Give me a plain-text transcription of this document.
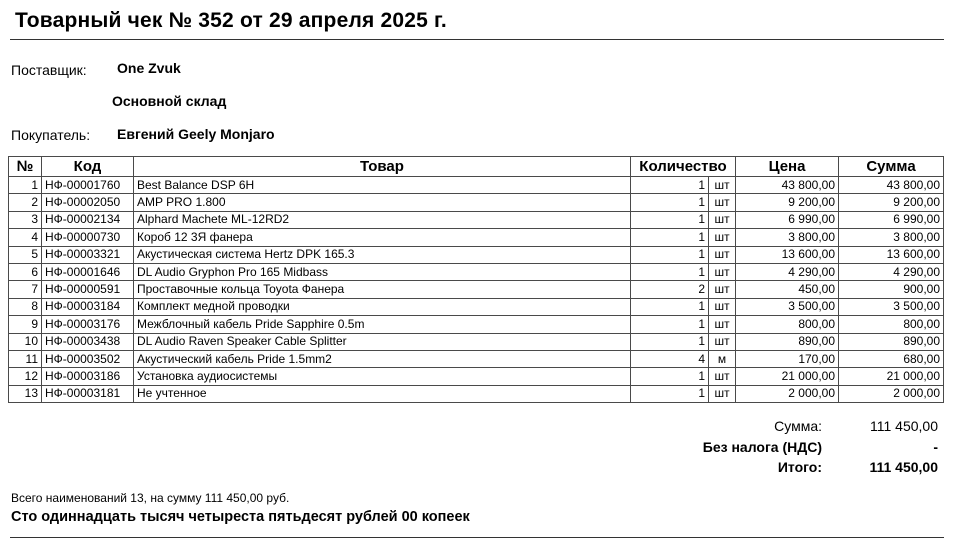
Товарный чек № 352 от 29 апреля 2025 г.
Поставщик: One Zvuk
Основной склад
Покупатель: Евгений Geely Monjaro
№	Код	Товар	Количество		Цена	Сумма
1	НФ-00001760	Best Balance DSP 6H	1	шт	43 800,00	43 800,00
2	НФ-00002050	AMP PRO 1.800	1	шт	9 200,00	9 200,00
3	НФ-00002134	Alphard Machete ML-12RD2	1	шт	6 990,00	6 990,00
4	НФ-00000730	Короб 12 3Я фанера	1	шт	3 800,00	3 800,00
5	НФ-00003321	Акустическая система Hertz DPK 165.3	1	шт	13 600,00	13 600,00
6	НФ-00001646	DL Audio Gryphon Pro 165 Midbass	1	шт	4 290,00	4 290,00
7	НФ-00000591	Проставочные кольца Toyota Фанера	2	шт	450,00	900,00
8	НФ-00003184	Комплект медной проводки	1	шт	3 500,00	3 500,00
9	НФ-00003176	Межблочный кабель Pride Sapphire 0.5m	1	шт	800,00	800,00
10	НФ-00003438	DL Audio Raven Speaker Cable Splitter	1	шт	890,00	890,00
11	НФ-00003502	Акустический кабель Pride 1.5mm2	4	м	170,00	680,00
12	НФ-00003186	Установка аудиосистемы	1	шт	21 000,00	21 000,00
13	НФ-00003181	Не учтенное	1	шт	2 000,00	2 000,00
Сумма:	111 450,00
Без налога (НДС)	-
Итого:	111 450,00
Всего наименований 13, на сумму 111 450,00 руб.
Сто одиннадцать тысяч четыреста пятьдесят рублей 00 копеек
